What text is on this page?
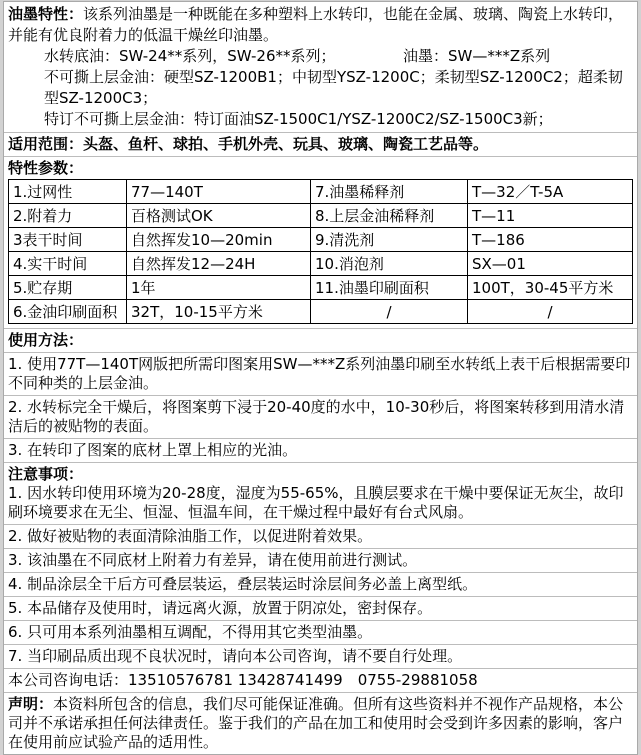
油墨特性：该系列油墨是一种既能在多种塑料上水转印，也能在金属、玻璃、陶瓷上水转印，并能有优良附着力的低温干燥丝印油墨。
水转底油：SW-24**系列，SW-26**系列；　　　　　油墨：SW—***Z系列
不可撕上层金油：硬型SZ-1200B1；中韧型YSZ-1200C；柔韧型SZ-1200C2；超柔韧型SZ-1200C3；
特订不可撕上层金油：特订面油SZ-1500C1/YSZ-1200C2/SZ-1500C3新；
适用范围：头盔、鱼杆、球拍、手机外壳、玩具、玻璃、陶瓷工艺品等。
特性参数：
1.过网性	77—140T	7.油墨稀释剂	T—32／T-5A
2.附着力	百格测试OK	8.上层金油稀释剂	T—11
3表干时间	自然挥发10—20min	9.清洗剂	T—186
4.实干时间	自然挥发12—24H	10.消泡剂	SX—01
5.贮存期	1年	11.油墨印刷面积	100T，30-45平方米
6.金油印刷面积	32T，10-15平方米	/	/
使用方法：
1. 使用77T—140T网版把所需印图案用SW—***Z系列油墨印刷至水转纸上表干后根据需要印不同种类的上层金油。
2. 水转标完全干燥后，将图案剪下浸于20-40度的水中，10-30秒后，将图案转移到用清水清洁后的被贴物的表面。
3. 在转印了图案的底材上罩上相应的光油。
注意事项：
1. 因水转印使用环境为20-28度，湿度为55-65%，且膜层要求在干燥中要保证无灰尘，故印刷环境要求在无尘、恒湿、恒温车间，在干燥过程中最好有台式风扇。
2. 做好被贴物的表面清除油脂工作，以促进附着效果。
3. 该油墨在不同底材上附着力有差异，请在使用前进行测试。
4. 制品涂层全干后方可叠层装运，叠层装运时涂层间务必盖上离型纸。
5. 本品储存及使用时，请远离火源，放置于阴凉处，密封保存。
6. 只可用本系列油墨相互调配，不得用其它类型油墨。
7. 当印刷品质出现不良状况时，请向本公司咨询，请不要自行处理。
本公司咨询电话：13510576781 13428741499　0755-29881058
声明：本资料所包含的信息，我们尽可能保证准确。但所有这些资料并不视作产品规格，本公司并不承诺承担任何法律责任。鉴于我们的产品在加工和使用时会受到许多因素的影响，客户在使用前应试验产品的适用性。
